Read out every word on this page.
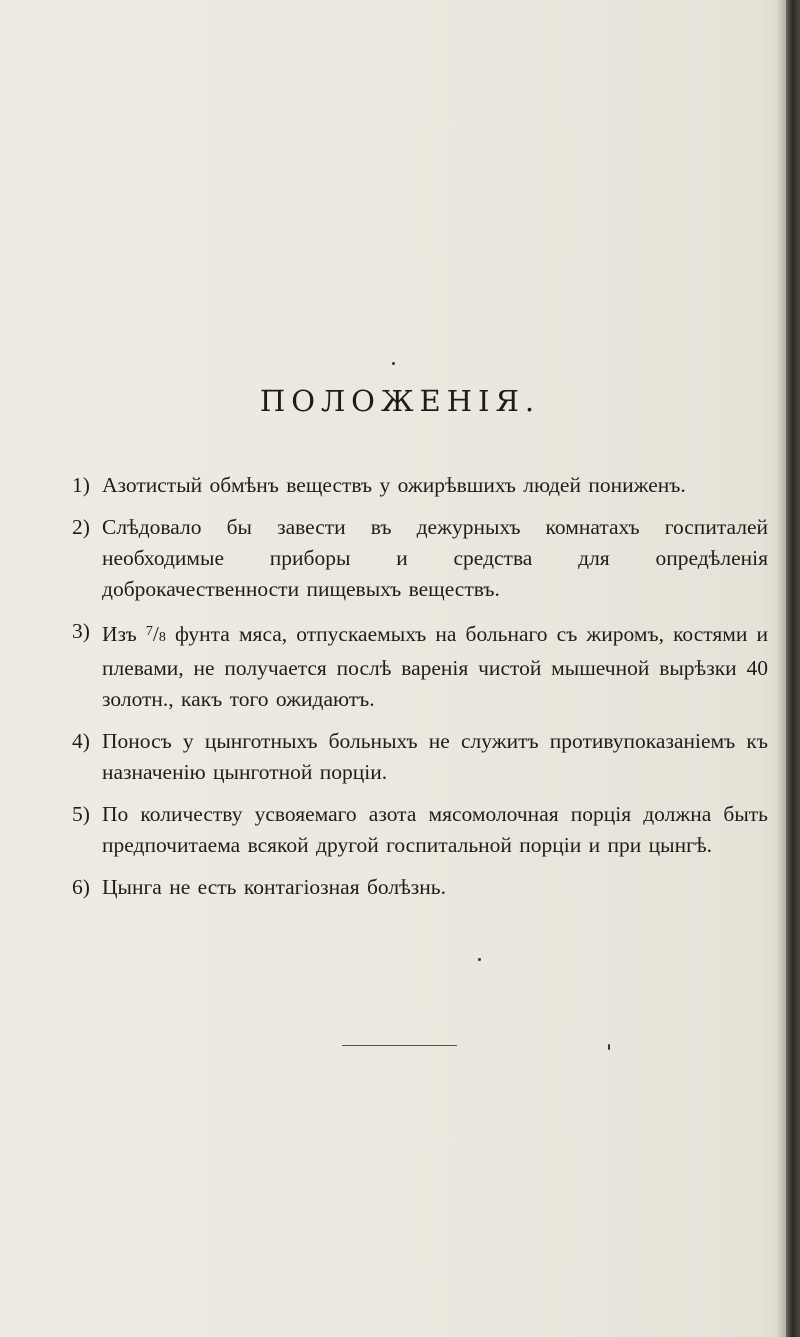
ПОЛОЖЕНІЯ.
1) Азотистый обмѣнъ веществъ у ожирѣвшихъ людей пониженъ.
2) Слѣдовало бы завести въ дежурныхъ комнатахъ госпиталей необходимые приборы и средства для опредѣленія доброкачественности пищевыхъ веществъ.
3) Изъ $^7$/8 фунта мяса, отпускаемыхъ на больнаго съ жиромъ, костями и плевами, не получается послѣ варенія чистой мышечной вырѣзки 40 золотн., какъ того ожидаютъ.
4) Поносъ у цынготныхъ больныхъ не служитъ противупоказаніемъ къ назначенію цынготной порціи.
5) По количеству усвояемаго азота мясомолочная порція должна быть предпочитаема всякой другой госпитальной порціи и при цынгѣ.
6) Цынга не есть контагіозная болѣзнь.
